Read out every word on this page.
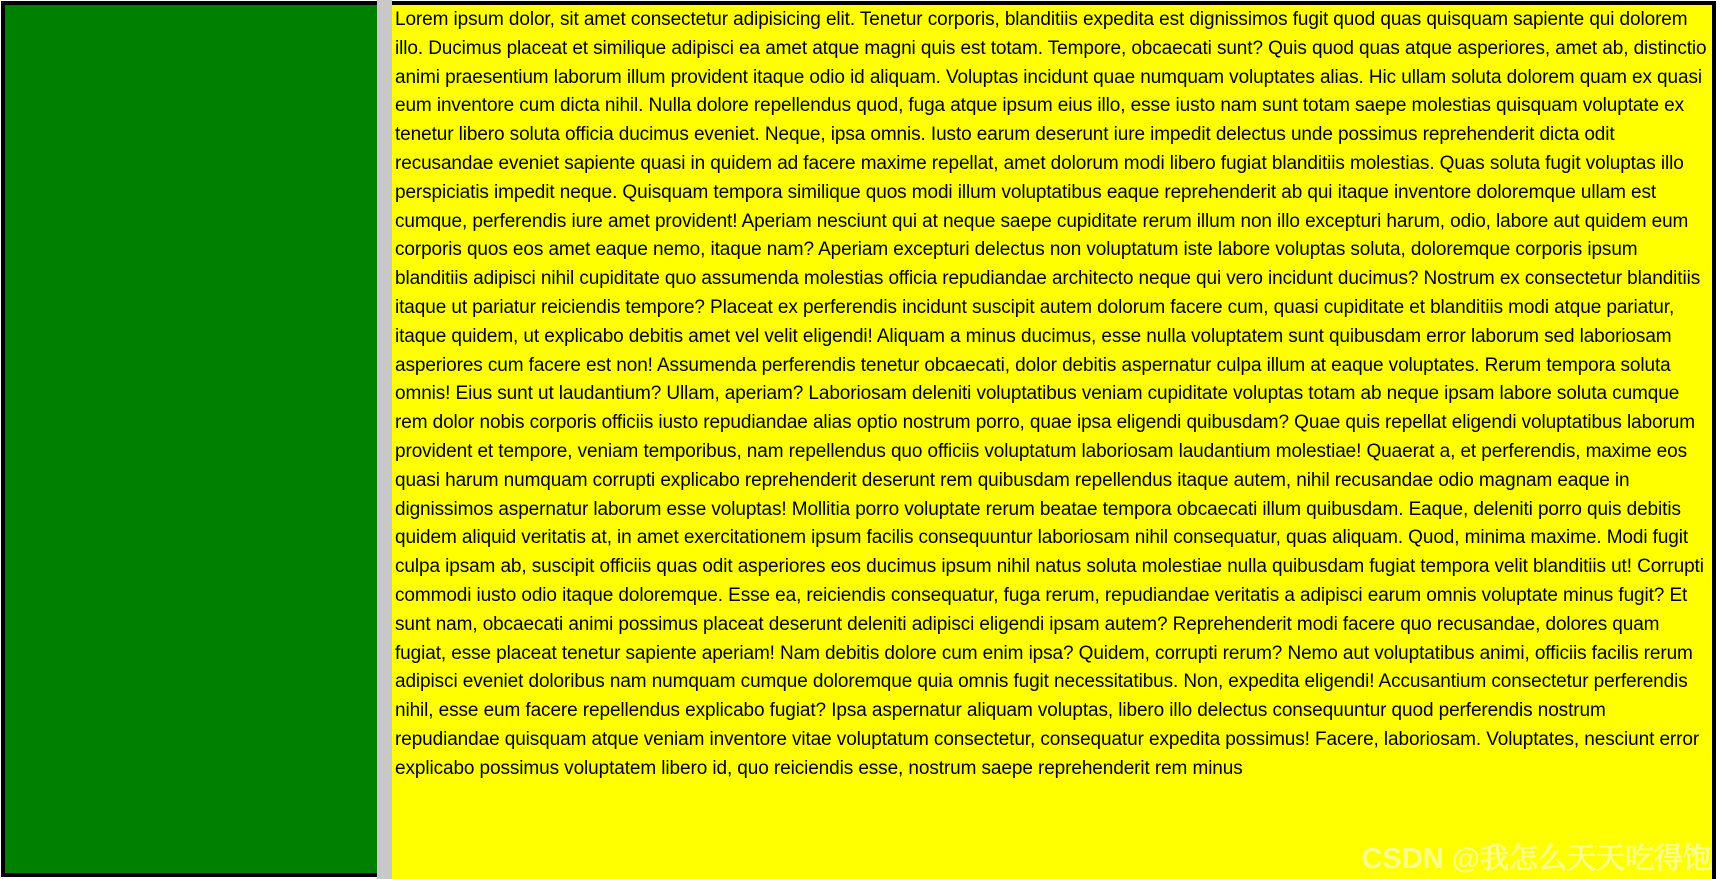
Lorem ipsum dolor, sit amet consectetur adipisicing elit. Tenetur corporis, blanditiis expedita est dignissimos fugit quod quas quisquam sapiente qui dolorem illo. Ducimus placeat et similique adipisci ea amet atque magni quis est totam. Tempore, obcaecati sunt? Quis quod quas atque asperiores, amet ab, distinctio animi praesentium laborum illum provident itaque odio id aliquam. Voluptas incidunt quae numquam voluptates alias. Hic ullam soluta dolorem quam ex quasi eum inventore cum dicta nihil. Nulla dolore repellendus quod, fuga atque ipsum eius illo, esse iusto nam sunt totam saepe molestias quisquam voluptate ex tenetur libero soluta officia ducimus eveniet. Neque, ipsa omnis. Iusto earum deserunt iure impedit delectus unde possimus reprehenderit dicta odit recusandae eveniet sapiente quasi in quidem ad facere maxime repellat, amet dolorum modi libero fugiat blanditiis molestias. Quas soluta fugit voluptas illo perspiciatis impedit neque. Quisquam tempora similique quos modi illum voluptatibus eaque reprehenderit ab qui itaque inventore doloremque ullam est cumque, perferendis iure amet provident! Aperiam nesciunt qui at neque saepe cupiditate rerum illum non illo excepturi harum, odio, labore aut quidem eum corporis quos eos amet eaque nemo, itaque nam? Aperiam excepturi delectus non voluptatum iste labore voluptas soluta, doloremque corporis ipsum blanditiis adipisci nihil cupiditate quo assumenda molestias officia repudiandae architecto neque qui vero incidunt ducimus? Nostrum ex consectetur blanditiis itaque ut pariatur reiciendis tempore? Placeat ex perferendis incidunt suscipit autem dolorum facere cum, quasi cupiditate et blanditiis modi atque pariatur, itaque quidem, ut explicabo debitis amet vel velit eligendi! Aliquam a minus ducimus, esse nulla voluptatem sunt quibusdam error laborum sed laboriosam asperiores cum facere est non! Assumenda perferendis tenetur obcaecati, dolor debitis aspernatur culpa illum at eaque voluptates. Rerum tempora soluta omnis! Eius sunt ut laudantium? Ullam, aperiam? Laboriosam deleniti voluptatibus veniam cupiditate voluptas totam ab neque ipsam labore soluta cumque rem dolor nobis corporis officiis iusto repudiandae alias optio nostrum porro, quae ipsa eligendi quibusdam? Quae quis repellat eligendi voluptatibus laborum provident et tempore, veniam temporibus, nam repellendus quo officiis voluptatum laboriosam laudantium molestiae! Quaerat a, et perferendis, maxime eos quasi harum numquam corrupti explicabo reprehenderit deserunt rem quibusdam repellendus itaque autem, nihil recusandae odio magnam eaque in dignissimos aspernatur laborum esse voluptas! Mollitia porro voluptate rerum beatae tempora obcaecati illum quibusdam. Eaque, deleniti porro quis debitis quidem aliquid veritatis at, in amet exercitationem ipsum facilis consequuntur laboriosam nihil consequatur, quas aliquam. Quod, minima maxime. Modi fugit culpa ipsam ab, suscipit officiis quas odit asperiores eos ducimus ipsum nihil natus soluta molestiae nulla quibusdam fugiat tempora velit blanditiis ut! Corrupti commodi iusto odio itaque doloremque. Esse ea, reiciendis consequatur, fuga rerum, repudiandae veritatis a adipisci earum omnis voluptate minus fugit? Et sunt nam, obcaecati animi possimus placeat deserunt deleniti adipisci eligendi ipsam autem? Reprehenderit modi facere quo recusandae, dolores quam fugiat, esse placeat tenetur sapiente aperiam! Nam debitis dolore cum enim ipsa? Quidem, corrupti rerum? Nemo aut voluptatibus animi, officiis facilis rerum adipisci eveniet doloribus nam numquam cumque doloremque quia omnis fugit necessitatibus. Non, expedita eligendi! Accusantium consectetur perferendis nihil, esse eum facere repellendus explicabo fugiat? Ipsa aspernatur aliquam voluptas, libero illo delectus consequuntur quod perferendis nostrum repudiandae quisquam atque veniam inventore vitae voluptatum consectetur, consequatur expedita possimus! Facere, laboriosam. Voluptates, nesciunt error explicabo possimus voluptatem libero id, quo reiciendis esse, nostrum saepe reprehenderit rem minus

CSDN @我怎么天天吃得饱
